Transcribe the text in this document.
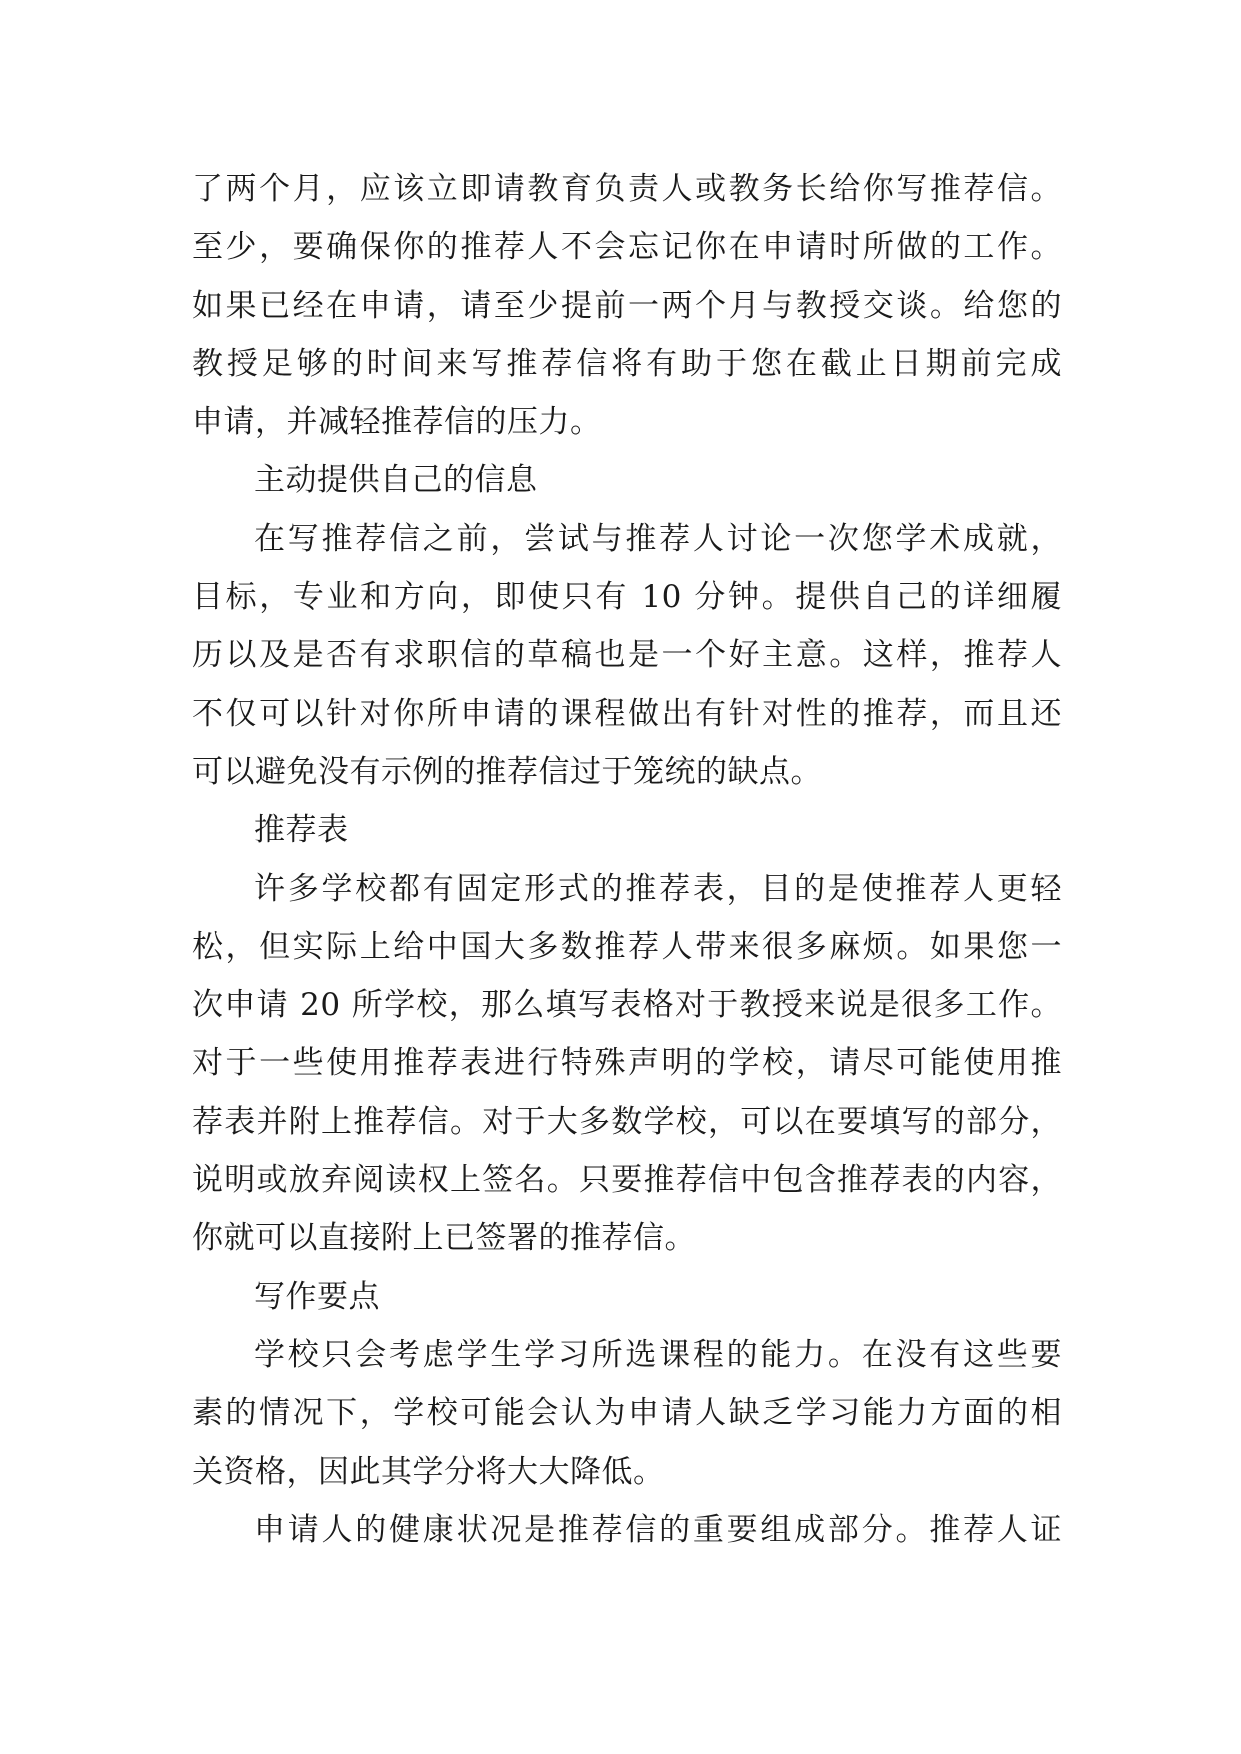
了两个月，应该立即请教育负责人或教务长给你写推荐信。
至少，要确保你的推荐人不会忘记你在申请时所做的工作。
如果已经在申请，请至少提前一两个月与教授交谈。给您的
教授足够的时间来写推荐信将有助于您在截止日期前完成
申请，并减轻推荐信的压力。
主动提供自己的信息
在写推荐信之前，尝试与推荐人讨论一次您学术成就，
目标，专业和方向，即使只有 10 分钟。提供自己的详细履
历以及是否有求职信的草稿也是一个好主意。这样，推荐人
不仅可以针对你所申请的课程做出有针对性的推荐，而且还
可以避免没有示例的推荐信过于笼统的缺点。
推荐表
许多学校都有固定形式的推荐表，目的是使推荐人更轻
松，但实际上给中国大多数推荐人带来很多麻烦。如果您一
次申请 20 所学校，那么填写表格对于教授来说是很多工作。
对于一些使用推荐表进行特殊声明的学校，请尽可能使用推
荐表并附上推荐信。对于大多数学校，可以在要填写的部分，
说明或放弃阅读权上签名。只要推荐信中包含推荐表的内容，
你就可以直接附上已签署的推荐信。
写作要点
学校只会考虑学生学习所选课程的能力。在没有这些要
素的情况下，学校可能会认为申请人缺乏学习能力方面的相
关资格，因此其学分将大大降低。
申请人的健康状况是推荐信的重要组成部分。推荐人证
